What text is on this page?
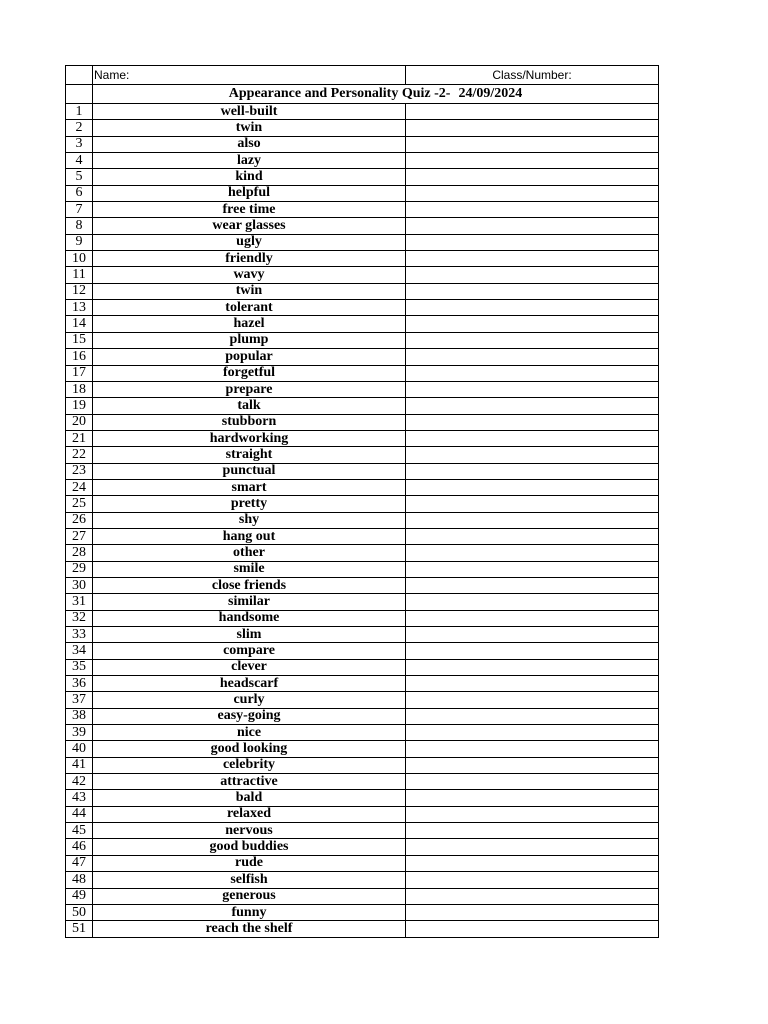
	Name:	Class/Number:
	Appearance and Personality Quiz -2- 24/09/2024	
1	well-built	
2	twin	
3	also	
4	lazy	
5	kind	
6	helpful	
7	free time	
8	wear glasses	
9	ugly	
10	friendly	
11	wavy	
12	twin	
13	tolerant	
14	hazel	
15	plump	
16	popular	
17	forgetful	
18	prepare	
19	talk	
20	stubborn	
21	hardworking	
22	straight	
23	punctual	
24	smart	
25	pretty	
26	shy	
27	hang out	
28	other	
29	smile	
30	close friends	
31	similar	
32	handsome	
33	slim	
34	compare	
35	clever	
36	headscarf	
37	curly	
38	easy-going	
39	nice	
40	good looking	
41	celebrity	
42	attractive	
43	bald	
44	relaxed	
45	nervous	
46	good buddies	
47	rude	
48	selfish	
49	generous	
50	funny	
51	reach the shelf	
